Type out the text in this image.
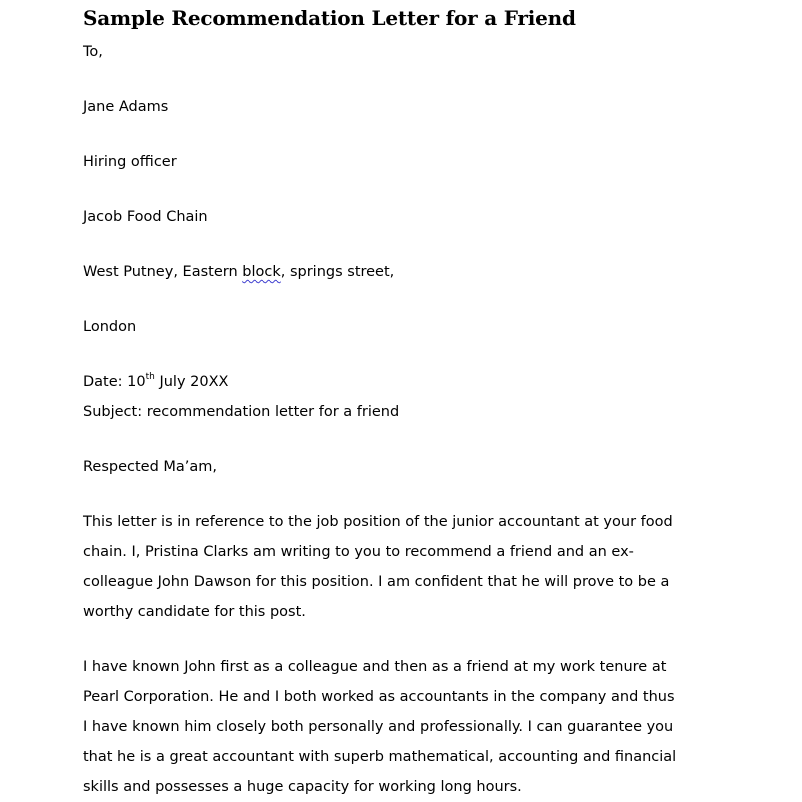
Sample Recommendation Letter for a Friend
To,
Jane Adams
Hiring officer
Jacob Food Chain
West Putney, Eastern block, springs street,
London
Date: 10th July 20XX
Subject: recommendation letter for a friend
Respected Ma’am,
This letter is in reference to the job position of the junior accountant at your food
chain. I, Pristina Clarks am writing to you to recommend a friend and an ex-
colleague John Dawson for this position. I am confident that he will prove to be a
worthy candidate for this post.
I have known John first as a colleague and then as a friend at my work tenure at
Pearl Corporation. He and I both worked as accountants in the company and thus
I have known him closely both personally and professionally. I can guarantee you
that he is a great accountant with superb mathematical, accounting and financial
skills and possesses a huge capacity for working long hours.
